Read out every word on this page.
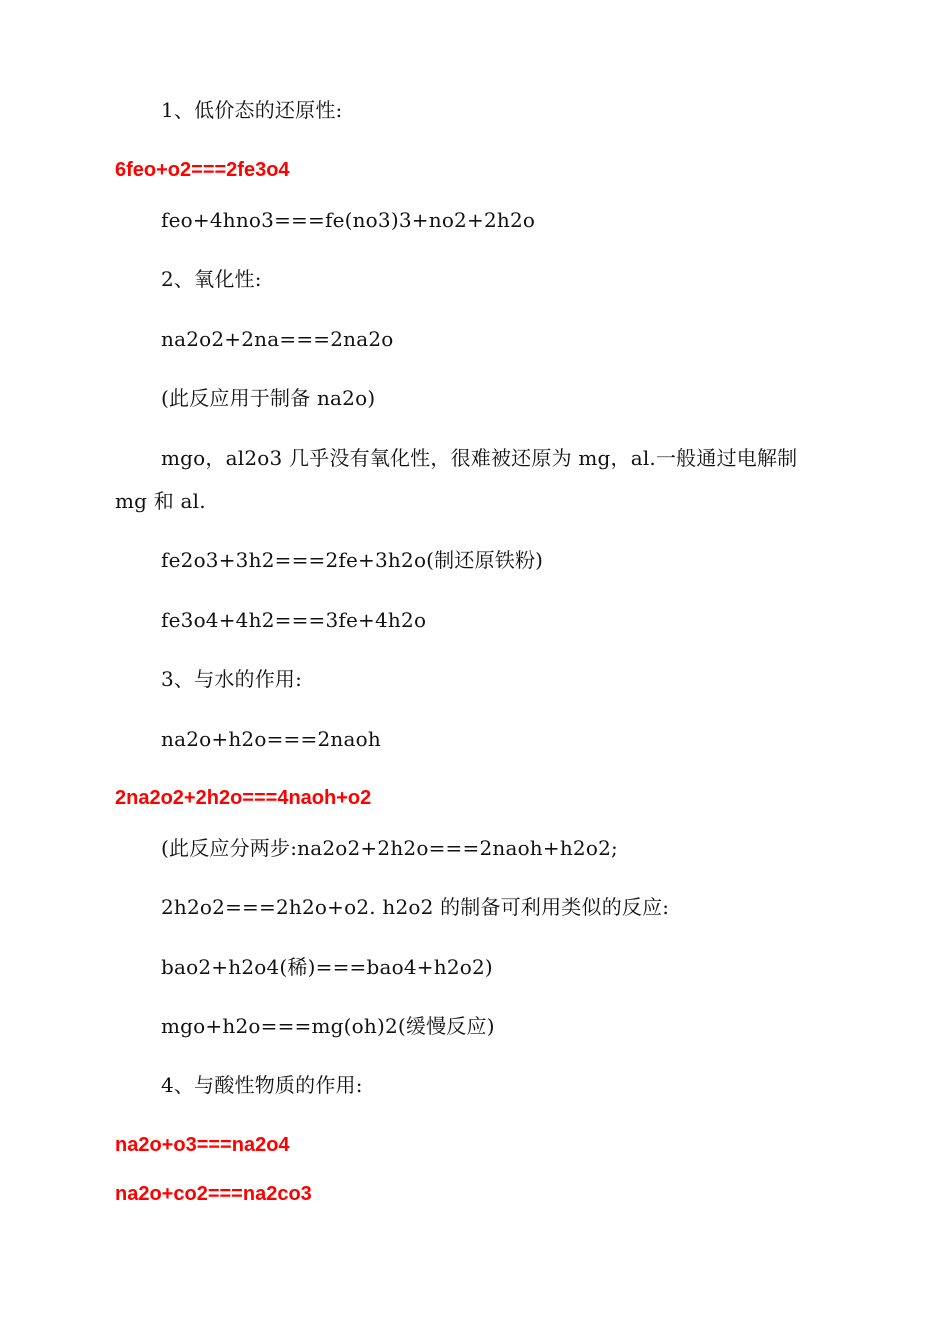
1、低价态的还原性:
6feo+o2===2fe3o4
feo+4hno3===fe(no3)3+no2+2h2o
2、氧化性:
na2o2+2na===2na2o
(此反应用于制备 na2o)
mgo，al2o3 几乎没有氧化性，很难被还原为 mg，al.一般通过电解制
mg 和 al.
fe2o3+3h2===2fe+3h2o(制还原铁粉)
fe3o4+4h2===3fe+4h2o
3、与水的作用:
na2o+h2o===2naoh
2na2o2+2h2o===4naoh+o2
(此反应分两步:na2o2+2h2o===2naoh+h2o2;
2h2o2===2h2o+o2. h2o2 的制备可利用类似的反应:
bao2+h2o4(稀)===bao4+h2o2)
mgo+h2o===mg(oh)2(缓慢反应)
4、与酸性物质的作用:
na2o+o3===na2o4
na2o+co2===na2co3
